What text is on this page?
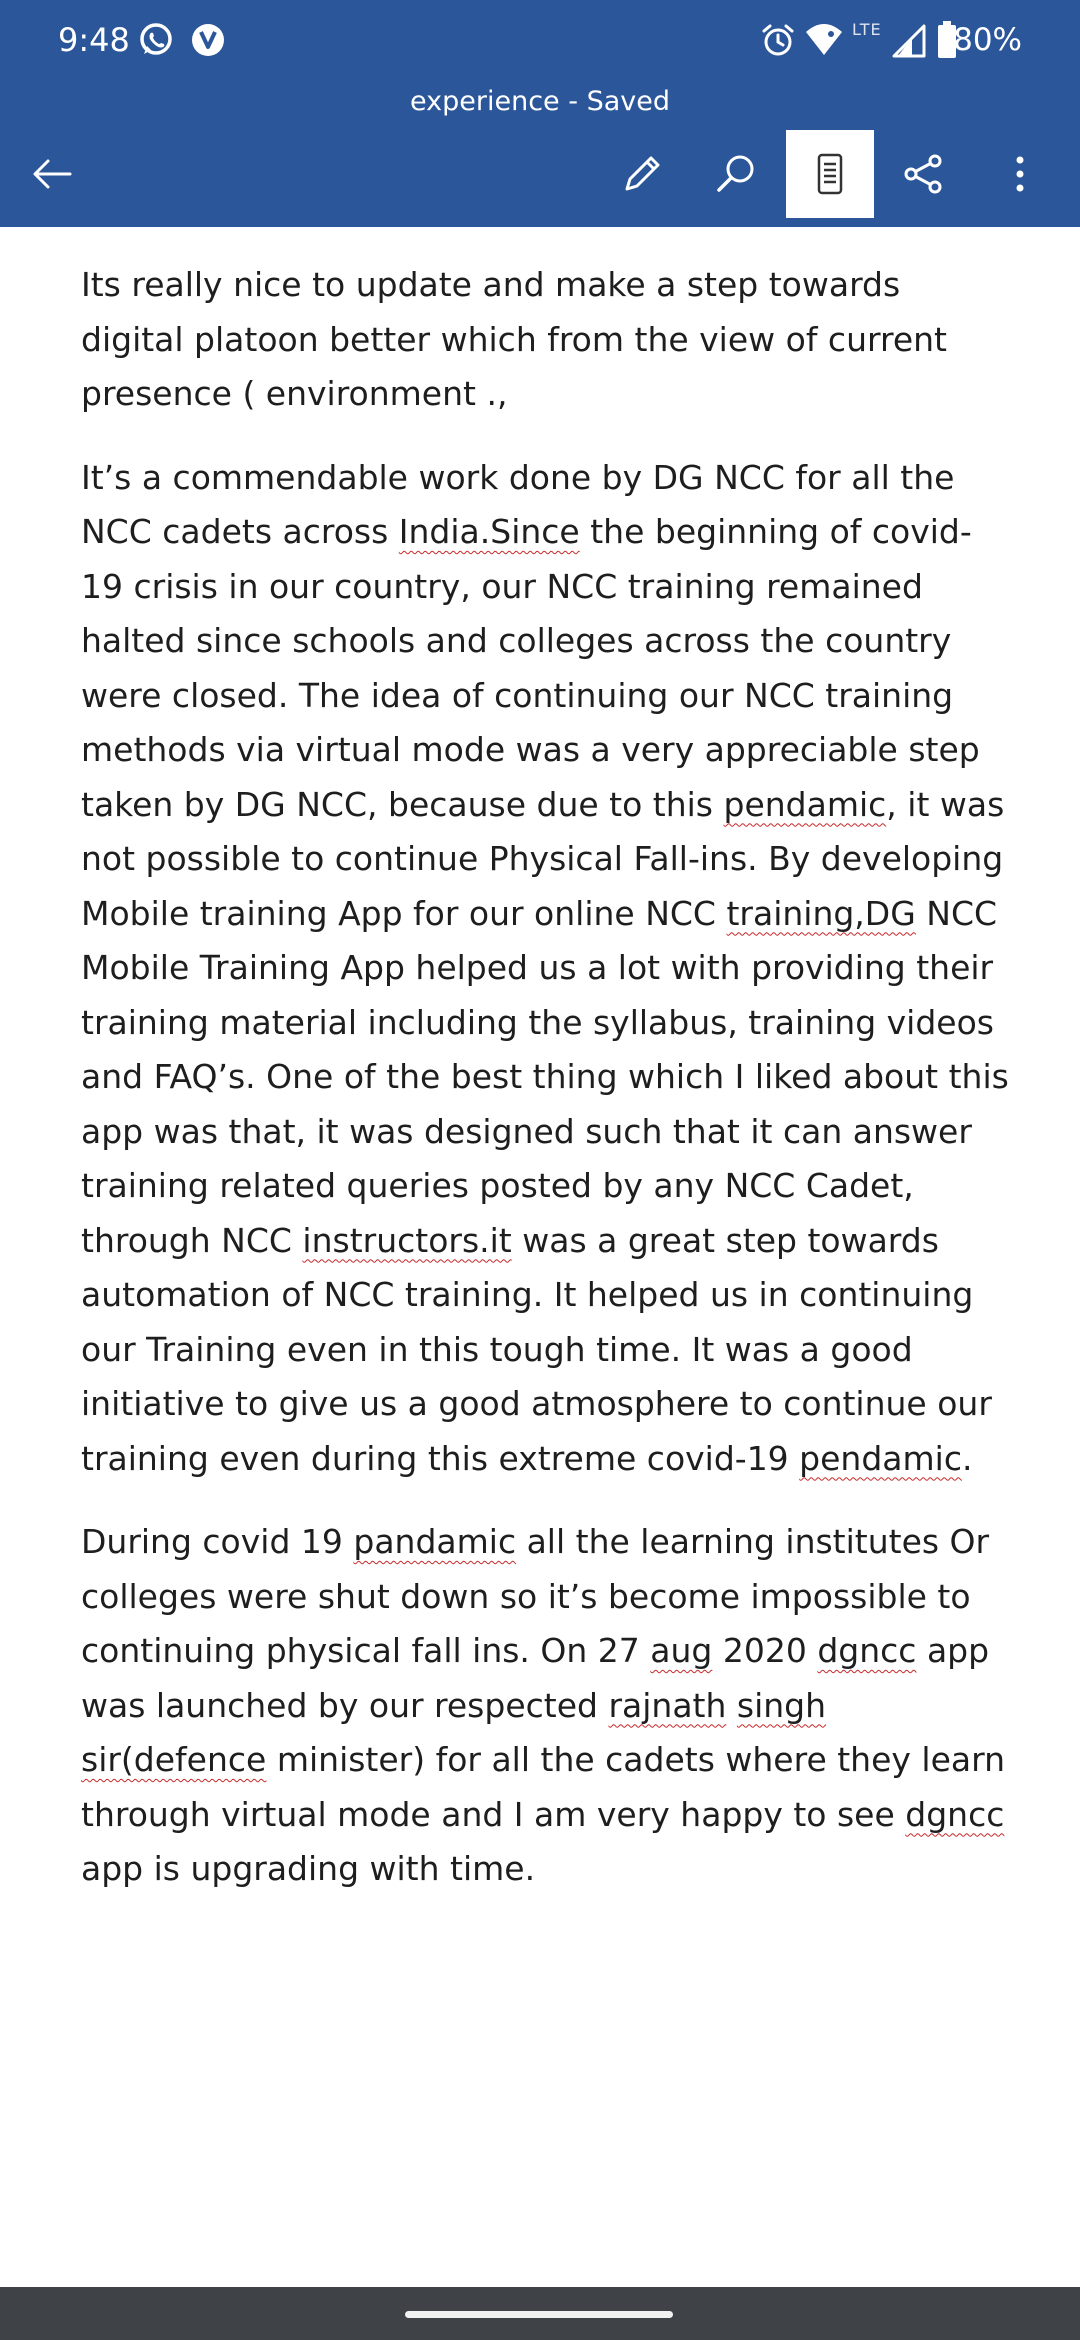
9:48	LTE 80%
experience - Saved

Its really nice to update and make a step towards digital platoon better which from the view of current presence ( environment .,

It’s a commendable work done by DG NCC for all the NCC cadets across India.Since the beginning of covid-19 crisis in our country, our NCC training remained halted since schools and colleges across the country were closed. The idea of continuing our NCC training methods via virtual mode was a very appreciable step taken by DG NCC, because due to this pendamic, it was not possible to continue Physical Fall-ins. By developing Mobile training App for our online NCC training,DG NCC Mobile Training App helped us a lot with providing their training material including the syllabus, training videos and FAQ’s. One of the best thing which I liked about this app was that, it was designed such that it can answer training related queries posted by any NCC Cadet, through NCC instructors.it was a great step towards automation of NCC training. It helped us in continuing our Training even in this tough time. It was a good initiative to give us a good atmosphere to continue our training even during this extreme covid-19 pendamic.

During covid 19 pandamic all the learning institutes Or colleges were shut down so it’s become impossible to continuing physical fall ins. On 27 aug 2020 dgncc app was launched by our respected rajnath singh sir(defence minister) for all the cadets where they learn through virtual mode and I am very happy to see dgncc app is upgrading with time.
